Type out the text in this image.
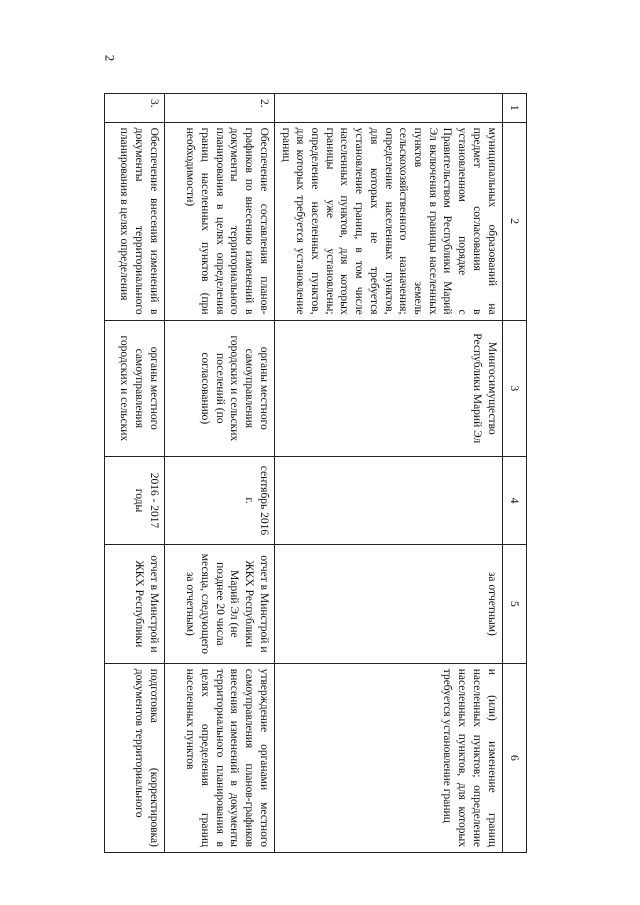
2
1	2	3	4	5	6
	муниципальных образований на предмет согласования в установленном порядке с Правительством Республики Марий Эл включения в границы населенных пунктов земель сельскохозяйственного назначения; определение населенных пунктов, для которых не требуется установление границ, в том числе населенных пунктов, для которых границы уже установлены; определение населенных пунктов, для которых требуется установление границ	Мингосимущество Республики Марий Эл		за отчетным)	и (или) изменение границ населенных пунктов; определение населенных пунктов, для которых требуется установление границ
2.	Обеспечение составления планов-графиков по внесению изменений в документы территориального планирования в целях определения границ населенных пунктов (при необходимости)	органы местного самоуправления городских и сельских поселений (по согласованию)	сентябрь 2016 г.	отчет в Минстрой и ЖКХ Республики Марий Эл (не позднее 20 числа месяца, следующего за отчетным)	утверждение органами местного самоуправления планов-графиков внесения изменений в документы территориального планирования в целях определения границ населенных пунктов
3.	Обеспечение внесения изменений в документы территориального планирования в целях определения	органы местного самоуправления городских и сельских	2016 - 2017 годы	отчет в Минстрой и ЖКХ Республики	подготовка (корректировка) документов территориального
